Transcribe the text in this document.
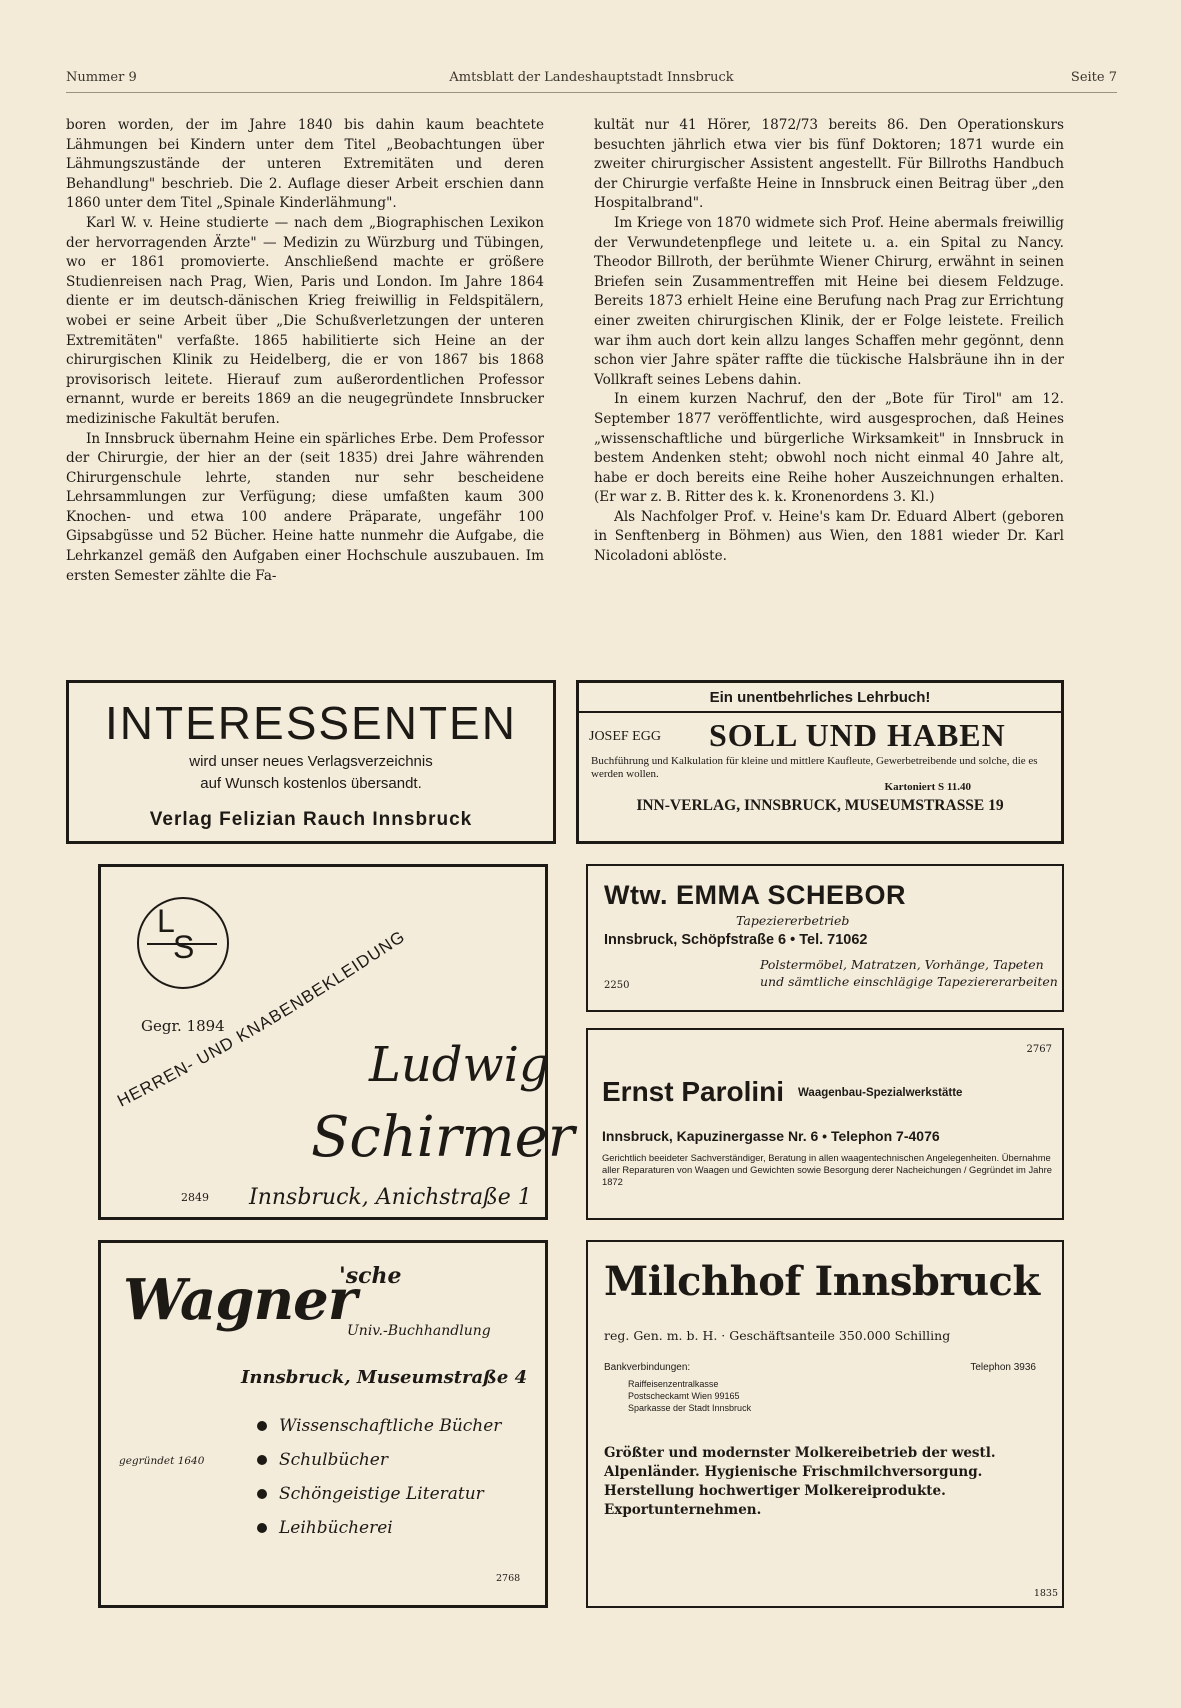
Nummer 9	Amtsblatt der Landeshauptstadt Innsbruck	Seite 7

boren worden, der im Jahre 1840 bis dahin kaum beachtete Lähmungen bei Kindern unter dem Titel „Beobachtungen über Lähmungszustände der unteren Extremitäten und deren Behandlung" beschrieb. Die 2. Auflage dieser Arbeit erschien dann 1860 unter dem Titel „Spinale Kinderlähmung".

Karl W. v. Heine studierte — nach dem „Biographischen Lexikon der hervorragenden Ärzte" — Medizin zu Würzburg und Tübingen, wo er 1861 promovierte. Anschließend machte er größere Studienreisen nach Prag, Wien, Paris und London. Im Jahre 1864 diente er im deutsch-dänischen Krieg freiwillig in Feldspitälern, wobei er seine Arbeit über „Die Schußverletzungen der unteren Extremitäten" verfaßte. 1865 habilitierte sich Heine an der chirurgischen Klinik zu Heidelberg, die er von 1867 bis 1868 provisorisch leitete. Hierauf zum außerordentlichen Professor ernannt, wurde er bereits 1869 an die neugegründete Innsbrucker medizinische Fakultät berufen.

In Innsbruck übernahm Heine ein spärliches Erbe. Dem Professor der Chirurgie, der hier an der (seit 1835) drei Jahre währenden Chirurgenschule lehrte, standen nur sehr bescheidene Lehrsammlungen zur Verfügung; diese umfaßten kaum 300 Knochen- und etwa 100 andere Präparate, ungefähr 100 Gipsabgüsse und 52 Bücher. Heine hatte nunmehr die Aufgabe, die Lehrkanzel gemäß den Aufgaben einer Hochschule auszubauen. Im ersten Semester zählte die Fa-

kultät nur 41 Hörer, 1872/73 bereits 86. Den Operationskurs besuchten jährlich etwa vier bis fünf Doktoren; 1871 wurde ein zweiter chirurgischer Assistent angestellt. Für Billroths Handbuch der Chirurgie verfaßte Heine in Innsbruck einen Beitrag über „den Hospitalbrand".

Im Kriege von 1870 widmete sich Prof. Heine abermals freiwillig der Verwundetenpflege und leitete u. a. ein Spital zu Nancy. Theodor Billroth, der berühmte Wiener Chirurg, erwähnt in seinen Briefen sein Zusammentreffen mit Heine bei diesem Feldzuge. Bereits 1873 erhielt Heine eine Berufung nach Prag zur Errichtung einer zweiten chirurgischen Klinik, der er Folge leistete. Freilich war ihm auch dort kein allzu langes Schaffen mehr gegönnt, denn schon vier Jahre später raffte die tückische Halsbräune ihn in der Vollkraft seines Lebens dahin.

In einem kurzen Nachruf, den der „Bote für Tirol" am 12. September 1877 veröffentlichte, wird ausgesprochen, daß Heines „wissenschaftliche und bürgerliche Wirksamkeit" in Innsbruck in bestem Andenken steht; obwohl noch nicht einmal 40 Jahre alt, habe er doch bereits eine Reihe hoher Auszeichnungen erhalten. (Er war z. B. Ritter des k. k. Kronenordens 3. Kl.)

Als Nachfolger Prof. v. Heine's kam Dr. Eduard Albert (geboren in Senftenberg in Böhmen) aus Wien, den 1881 wieder Dr. Karl Nicoladoni ablöste.

INTERESSENTEN
wird unser neues Verlagsverzeichnis
auf Wunsch kostenlos übersandt.
Verlag Felizian Rauch Innsbruck
Ein unentbehrliches Lehrbuch!
JOSEF EGG SOLL UND HABEN
Buchführung und Kalkulation für kleine und mittlere Kaufleute, Gewerbetreibende und solche, die es werden wollen.
Kartoniert S 11.40
INN-VERLAG, INNSBRUCK, MUSEUMSTRASSE 19
L
S
Gegr. 1894
HERREN- UND KNABENBEKLEIDUNG
Ludwig
Schirmer
2849 Innsbruck, Anichstraße 1
Wtw. EMMA SCHEBOR
Tapeziererbetrieb
Innsbruck, Schöpfstraße 6 • Tel. 71062
Polstermöbel, Matratzen, Vorhänge, Tapeten
und sämtliche einschlägige Tapeziererarbeiten
2250
2767
Ernst Parolini Waagenbau-Spezialwerkstätte
Innsbruck, Kapuzinergasse Nr. 6 • Telephon 7-4076
Gerichtlich beeideter Sachverständiger, Beratung in allen waagentechnischen Angelegenheiten. Übernahme aller Reparaturen von Waagen und Gewichten sowie Besorgung derer Nacheichungen / Gegründet im Jahre 1872
Wagner
'sche
Univ.-Buchhandlung
Innsbruck, Museumstraße 4
gegründet 1640
Wissenschaftliche Bücher
Schulbücher
Schöngeistige Literatur
Leihbücherei
2768
Milchhof Innsbruck
reg. Gen. m. b. H. · Geschäftsanteile 350.000 Schilling
Bankverbindungen:	Telephon 3936
Raiffeisenzentralkasse
Postscheckamt Wien 99165
Sparkasse der Stadt Innsbruck
Größter und modernster Molkereibetrieb der westl. Alpenländer. Hygienische Frischmilchversorgung. Herstellung hochwertiger Molkereiprodukte. Exportunternehmen.
1835
